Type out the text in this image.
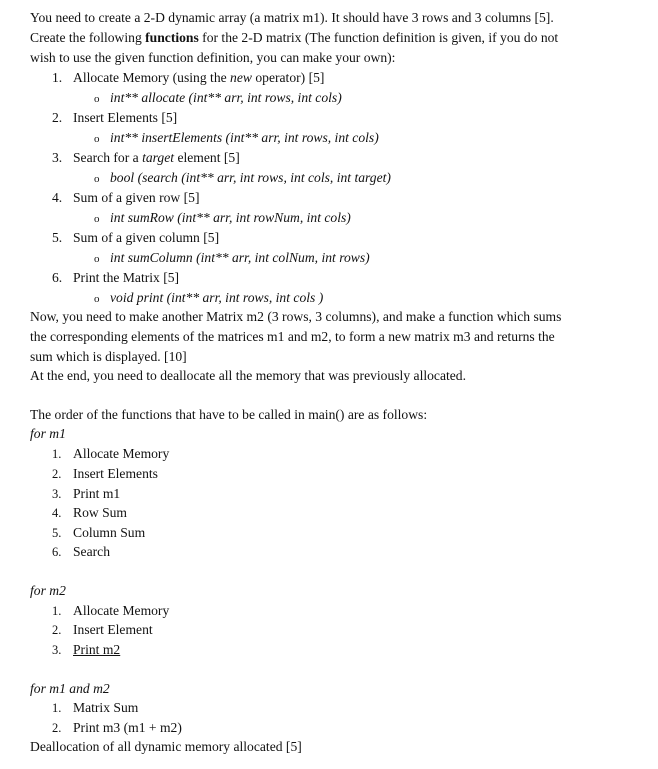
You need to create a 2-D dynamic array (a matrix m1). It should have 3 rows and 3 columns [5].
Create the following functions for the 2-D matrix (The function definition is given, if you do not
wish to use the given function definition, you can make your own):
1. Allocate Memory (using the new operator) [5]
o int** allocate (int** arr, int rows, int cols)
2. Insert Elements [5]
o int** insertElements (int** arr, int rows, int cols)
3. Search for a target element [5]
o bool (search (int** arr, int rows, int cols, int target)
4. Sum of a given row [5]
o int sumRow (int** arr, int rowNum, int cols)
5. Sum of a given column [5]
o int sumColumn (int** arr, int colNum, int rows)
6. Print the Matrix [5]
o void print (int** arr, int rows, int cols )
Now, you need to make another Matrix m2 (3 rows, 3 columns), and make a function which sums
the corresponding elements of the matrices m1 and m2, to form a new matrix m3 and returns the
sum which is displayed. [10]
At the end, you need to deallocate all the memory that was previously allocated.
The order of the functions that have to be called in main() are as follows:
for m1
1. Allocate Memory
2. Insert Elements
3. Print m1
4. Row Sum
5. Column Sum
6. Search
for m2
1. Allocate Memory
2. Insert Element
3. Print m2
for m1 and m2
1. Matrix Sum
2. Print m3 (m1 + m2)
Deallocation of all dynamic memory allocated [5]
